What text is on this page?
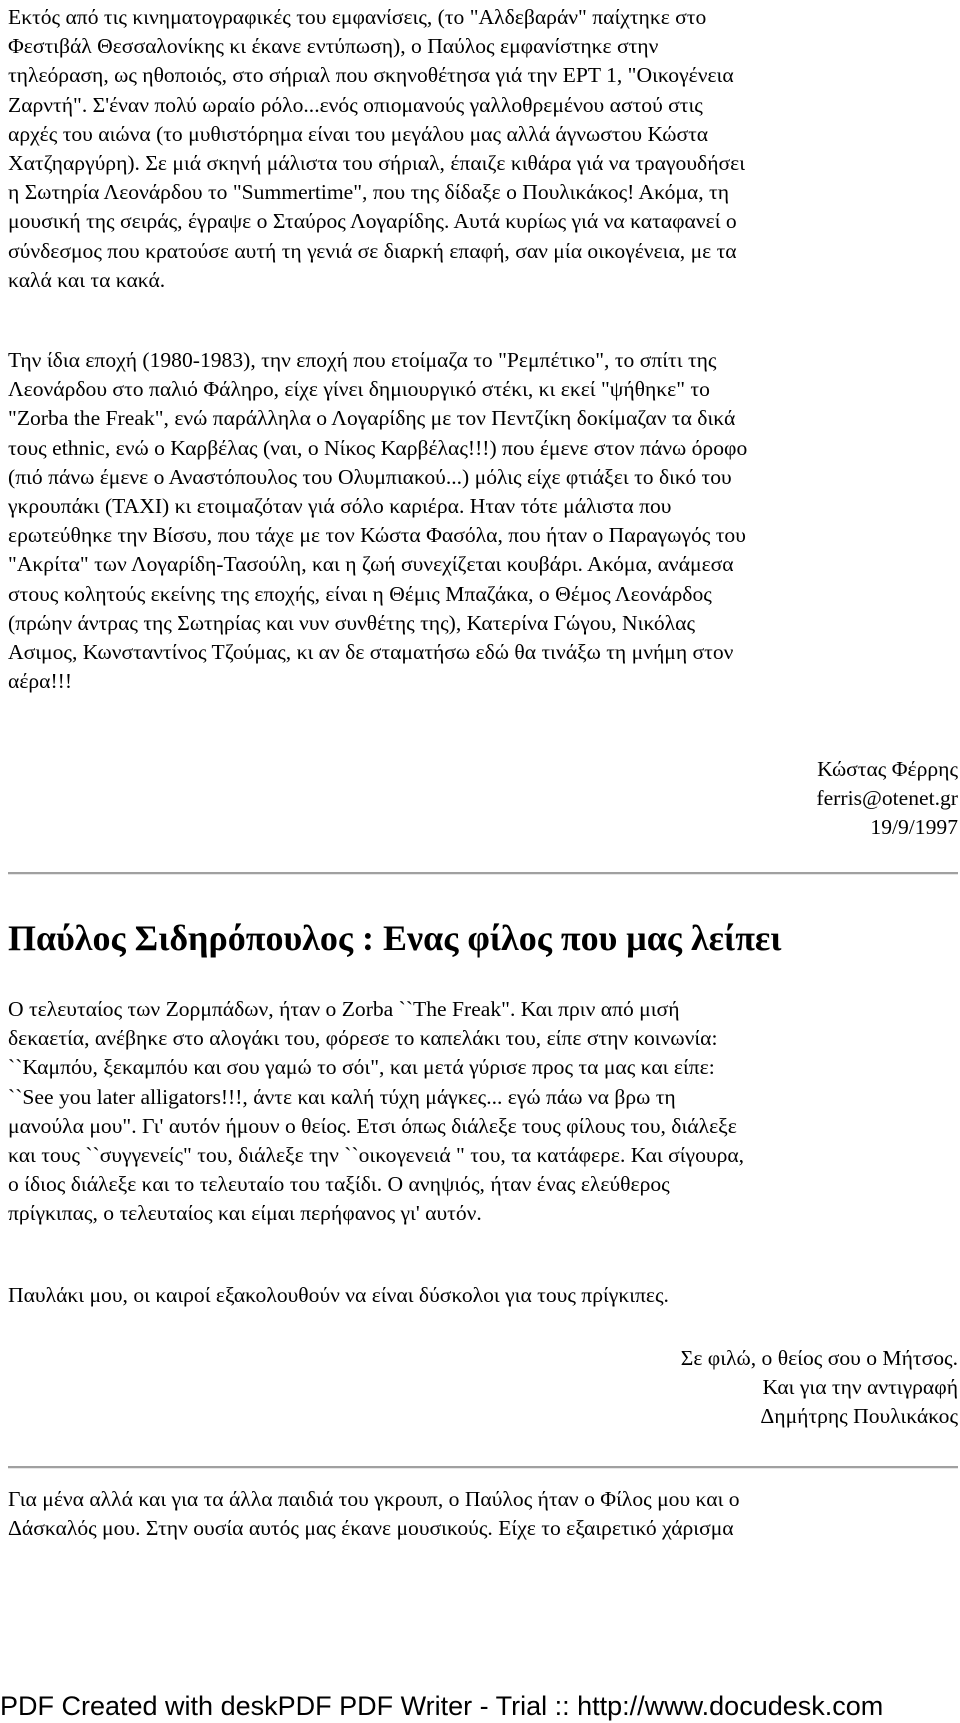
Εκτός από τις κινηματογραφικές του εμφανίσεις, (το "Αλδεβαράν" παίχτηκε στο
Φεστιβάλ Θεσσαλονίκης κι έκανε εντύπωση), ο Παύλος εμφανίστηκε στην
τηλεόραση, ως ηθοποιός, στο σήριαλ που σκηνοθέτησα γιά την ΕΡΤ 1, "Οικογένεια
Ζαρντή". Σ'έναν πολύ ωραίο ρόλο...ενός οπιομανούς γαλλοθρεμένου αστού στις
αρχές του αιώνα (το μυθιστόρημα είναι του μεγάλου μας αλλά άγνωστου Κώστα
Χατζηαργύρη). Σε μιά σκηνή μάλιστα του σήριαλ, έπαιζε κιθάρα γιά να τραγουδήσει
η Σωτηρία Λεονάρδου το "Summertime", που της δίδαξε ο Πουλικάκος! Ακόμα, τη
μουσική της σειράς, έγραψε ο Σταύρος Λογαρίδης. Αυτά κυρίως γιά να καταφανεί ο
σύνδεσμος που κρατούσε αυτή τη γενιά σε διαρκή επαφή, σαν μία οικογένεια, με τα
καλά και τα κακά.

Την ίδια εποχή (1980-1983), την εποχή που ετοίμαζα το "Ρεμπέτικο", το σπίτι της
Λεονάρδου στο παλιό Φάληρο, είχε γίνει δημιουργικό στέκι, κι εκεί "ψήθηκε" το
"Zorba the Freak", ενώ παράλληλα ο Λογαρίδης με τον Πεντζίκη δοκίμαζαν τα δικά
τους ethnic, ενώ ο Καρβέλας (ναι, ο Νίκος Καρβέλας!!!) που έμενε στον πάνω όροφο
(πιό πάνω έμενε ο Αναστόπουλος του Ολυμπιακού...) μόλις είχε φτιάξει το δικό του
γκρουπάκι (ΤΑΧΙ) κι ετοιμαζόταν γιά σόλο καριέρα. Ηταν τότε μάλιστα που
ερωτεύθηκε την Βίσσυ, που τάχε με τον Κώστα Φασόλα, που ήταν ο Παραγωγός του
"Ακρίτα" των Λογαρίδη-Τασούλη, και η ζωή συνεχίζεται κουβάρι. Ακόμα, ανάμεσα
στους κολητούς εκείνης της εποχής, είναι η Θέμις Μπαζάκα, ο Θέμος Λεονάρδος
(πρώην άντρας της Σωτηρίας και νυν συνθέτης της), Κατερίνα Γώγου, Νικόλας
Ασιμος, Κωνσταντίνος Τζούμας, κι αν δε σταματήσω εδώ θα τινάξω τη μνήμη στον
αέρα!!!

Κώστας Φέρρης
ferris@otenet.gr
19/9/1997
Παύλος Σιδηρόπουλος : Ενας φίλος που μας λείπει

Ο τελευταίος των Ζορμπάδων, ήταν ο Zorba ``The Freak". Και πριν από μισή
δεκαετία, ανέβηκε στο αλογάκι του, φόρεσε το καπελάκι του, είπε στην κοινωνία:
``Καμπόυ, ξεκαμπόυ και σου γαμώ το σόι", και μετά γύρισε προς τα μας και είπε:
``See you later alligators!!!, άντε και καλή τύχη μάγκες... εγώ πάω να βρω τη
μανούλα μου". Γι' αυτόν ήμουν ο θείος. Ετσι όπως διάλεξε τους φίλους του, διάλεξε
και τους ``συγγενείς" του, διάλεξε την ``οικογενειά " του, τα κατάφερε. Και σίγουρα,
ο ίδιος διάλεξε και το τελευταίο του ταξίδι. Ο ανηψιός, ήταν ένας ελεύθερος
πρίγκιπας, ο τελευταίος και είμαι περήφανος γι' αυτόν.

Παυλάκι μου, οι καιροί εξακολουθούν να είναι δύσκολοι για τους πρίγκιπες.

Σε φιλώ, ο θείος σου ο Μήτσος.
Και για την αντιγραφή
Δημήτρης Πουλικάκος

Για μένα αλλά και για τα άλλα παιδιά του γκρουπ, ο Παύλος ήταν ο Φίλος μου και ο
Δάσκαλός μου. Στην ουσία αυτός μας έκανε μουσικούς. Είχε το εξαιρετικό χάρισμα

PDF Created with deskPDF PDF Writer - Trial :: http://www.docudesk.com
